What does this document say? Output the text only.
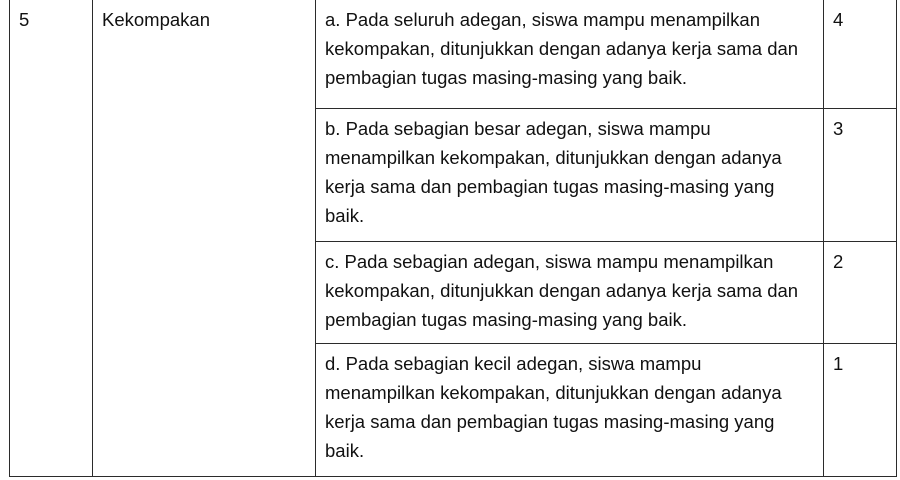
5	Kekompakan	a. Pada seluruh adegan, siswa mampu menampilkan kekompakan, ditunjukkan dengan adanya kerja sama dan pembagian tugas masing-masing yang baik.	4
		b. Pada sebagian besar adegan, siswa mampu menampilkan kekompakan, ditunjukkan dengan adanya kerja sama dan pembagian tugas masing-masing yang baik.	3
		c. Pada sebagian adegan, siswa mampu menampilkan kekompakan, ditunjukkan dengan adanya kerja sama dan pembagian tugas masing-masing yang baik.	2
		d. Pada sebagian kecil adegan, siswa mampu menampilkan kekompakan, ditunjukkan dengan adanya kerja sama dan pembagian tugas masing-masing yang baik.	1
